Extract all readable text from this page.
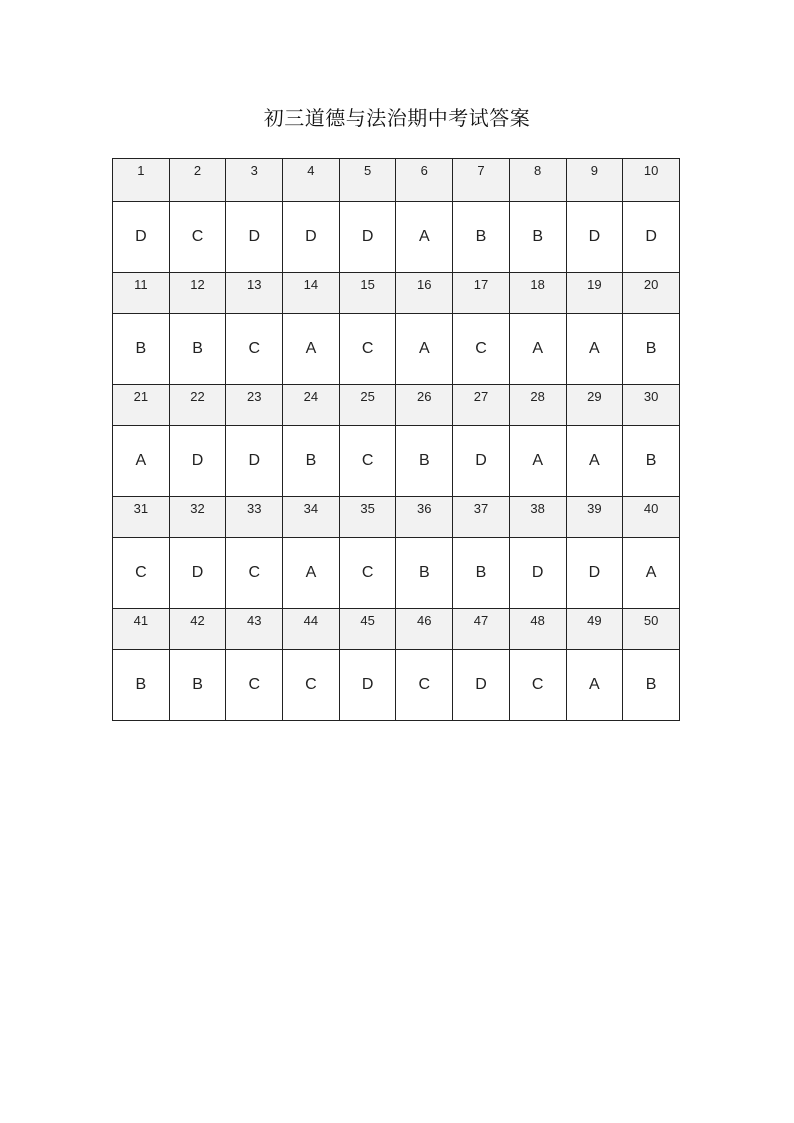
初三道德与法治期中考试答案
1	2	3	4	5	6	7	8	9	10
D	C	D	D	D	A	B	B	D	D
11	12	13	14	15	16	17	18	19	20
B	B	C	A	C	A	C	A	A	B
21	22	23	24	25	26	27	28	29	30
A	D	D	B	C	B	D	A	A	B
31	32	33	34	35	36	37	38	39	40
C	D	C	A	C	B	B	D	D	A
41	42	43	44	45	46	47	48	49	50
B	B	C	C	D	C	D	C	A	B
